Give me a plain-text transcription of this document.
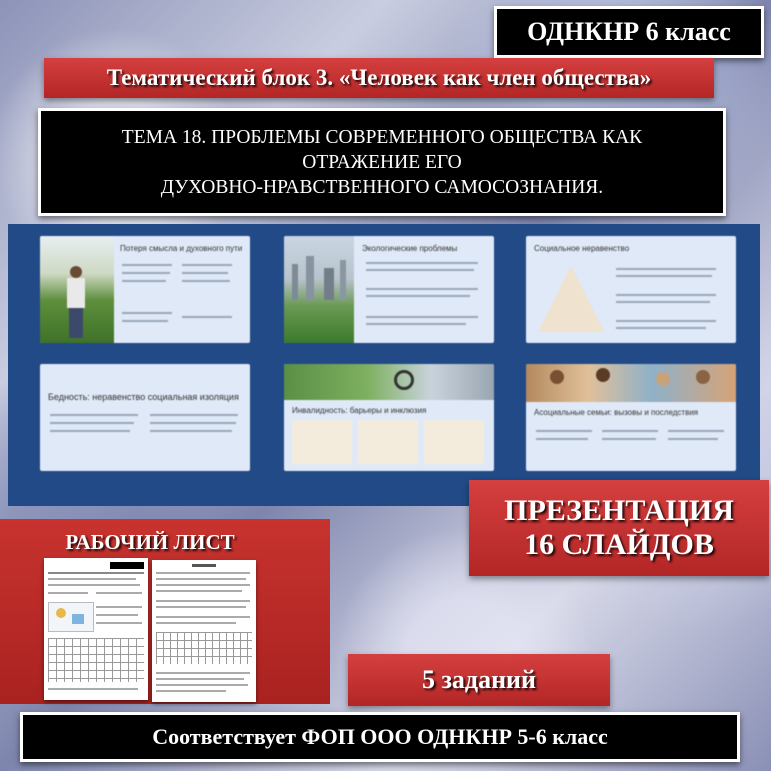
ОДНКНР 6 класс
Тематический блок 3. «Человек как член общества»
ТЕМА 18. ПРОБЛЕМЫ СОВРЕМЕННОГО ОБЩЕСТВА КАК
ОТРАЖЕНИЕ ЕГО
ДУХОВНО-НРАВСТВЕННОГО САМОСОЗНАНИЯ.
Потеря смысла и духовного пути	Экологические проблемы	Социальное неравенство
Бедность: неравенство социальная изоляция
Инвалидность: барьеры и инклюзия	Асоциальные семьи: вызовы и последствия
РАБОЧИЙ ЛИСТ
ПРЕЗЕНТАЦИЯ
16 СЛАЙДОВ
5 заданий
Соответствует ФОП ООО ОДНКНР 5-6 класс
